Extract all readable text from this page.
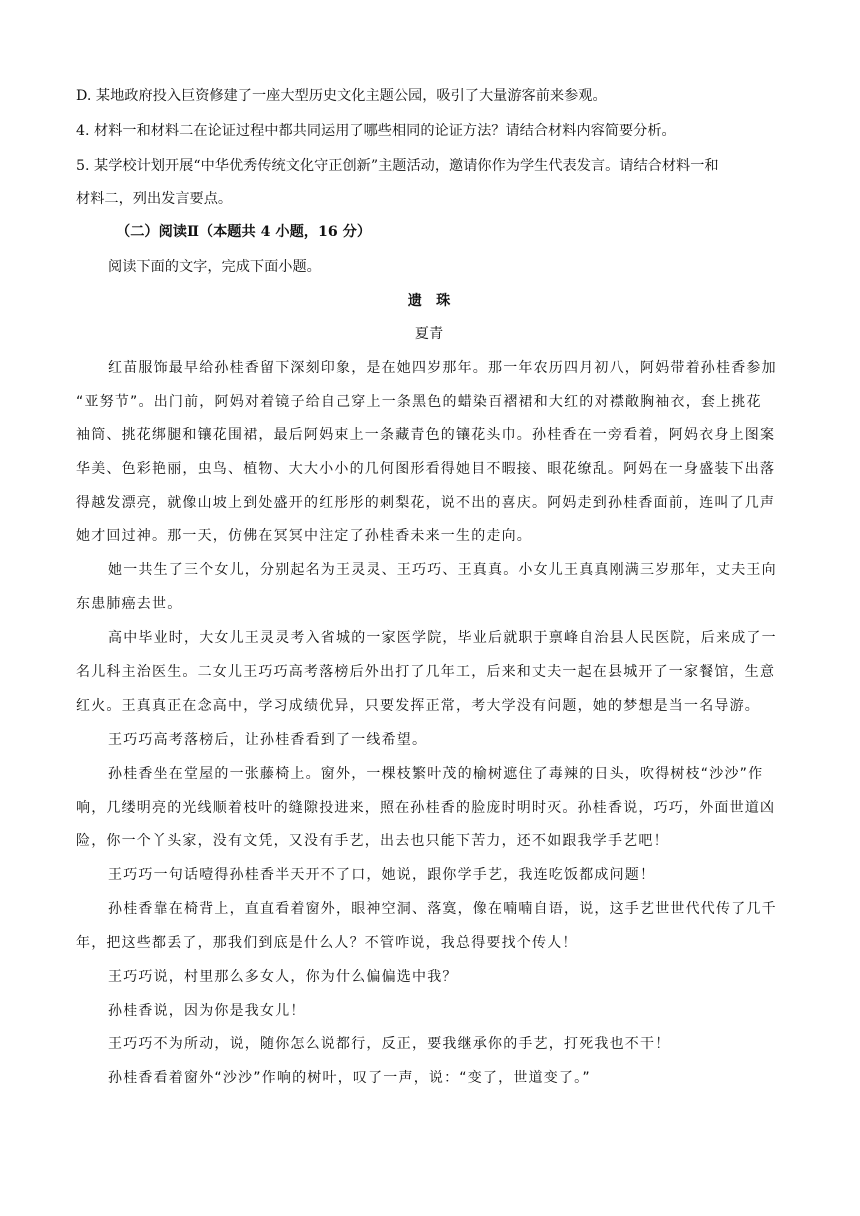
D. 某地政府投入巨资修建了一座大型历史文化主题公园，吸引了大量游客前来参观。
4. 材料一和材料二在论证过程中都共同运用了哪些相同的论证方法？请结合材料内容简要分析。
5. 某学校计划开展“中华优秀传统文化守正创新”主题活动，邀请你作为学生代表发言。请结合材料一和
材料二，列出发言要点。
（二）阅读Ⅱ（本题共 4 小题，16 分）
阅读下面的文字，完成下面小题。
遗　珠
夏青
红苗服饰最早给孙桂香留下深刻印象，是在她四岁那年。那一年农历四月初八，阿妈带着孙桂香参加
“亚努节”。出门前，阿妈对着镜子给自己穿上一条黑色的蜡染百褶裙和大红的对襟敞胸袖衣，套上挑花
袖筒、挑花绑腿和镶花围裙，最后阿妈束上一条藏青色的镶花头巾。孙桂香在一旁看着，阿妈衣身上图案
华美、色彩艳丽，虫鸟、植物、大大小小的几何图形看得她目不暇接、眼花缭乱。阿妈在一身盛装下出落
得越发漂亮，就像山坡上到处盛开的红彤彤的刺梨花，说不出的喜庆。阿妈走到孙桂香面前，连叫了几声
她才回过神。那一天，仿佛在冥冥中注定了孙桂香未来一生的走向。
她一共生了三个女儿，分别起名为王灵灵、王巧巧、王真真。小女儿王真真刚满三岁那年，丈夫王向
东患肺癌去世。
高中毕业时，大女儿王灵灵考入省城的一家医学院，毕业后就职于禀峰自治县人民医院，后来成了一
名儿科主治医生。二女儿王巧巧高考落榜后外出打了几年工，后来和丈夫一起在县城开了一家餐馆，生意
红火。王真真正在念高中，学习成绩优异，只要发挥正常，考大学没有问题，她的梦想是当一名导游。
王巧巧高考落榜后，让孙桂香看到了一线希望。
孙桂香坐在堂屋的一张藤椅上。窗外，一棵枝繁叶茂的榆树遮住了毒辣的日头，吹得树枝“沙沙”作
响，几缕明亮的光线顺着枝叶的缝隙投进来，照在孙桂香的脸庞时明时灭。孙桂香说，巧巧，外面世道凶
险，你一个丫头家，没有文凭，又没有手艺，出去也只能下苦力，还不如跟我学手艺吧！
王巧巧一句话噎得孙桂香半天开不了口，她说，跟你学手艺，我连吃饭都成问题！
孙桂香靠在椅背上，直直看着窗外，眼神空洞、落寞，像在喃喃自语，说，这手艺世世代代传了几千
年，把这些都丢了，那我们到底是什么人？不管咋说，我总得要找个传人！
王巧巧说，村里那么多女人，你为什么偏偏选中我？
孙桂香说，因为你是我女儿！
王巧巧不为所动，说，随你怎么说都行，反正，要我继承你的手艺，打死我也不干！
孙桂香看着窗外“沙沙”作响的树叶，叹了一声，说：“变了，世道变了。”
